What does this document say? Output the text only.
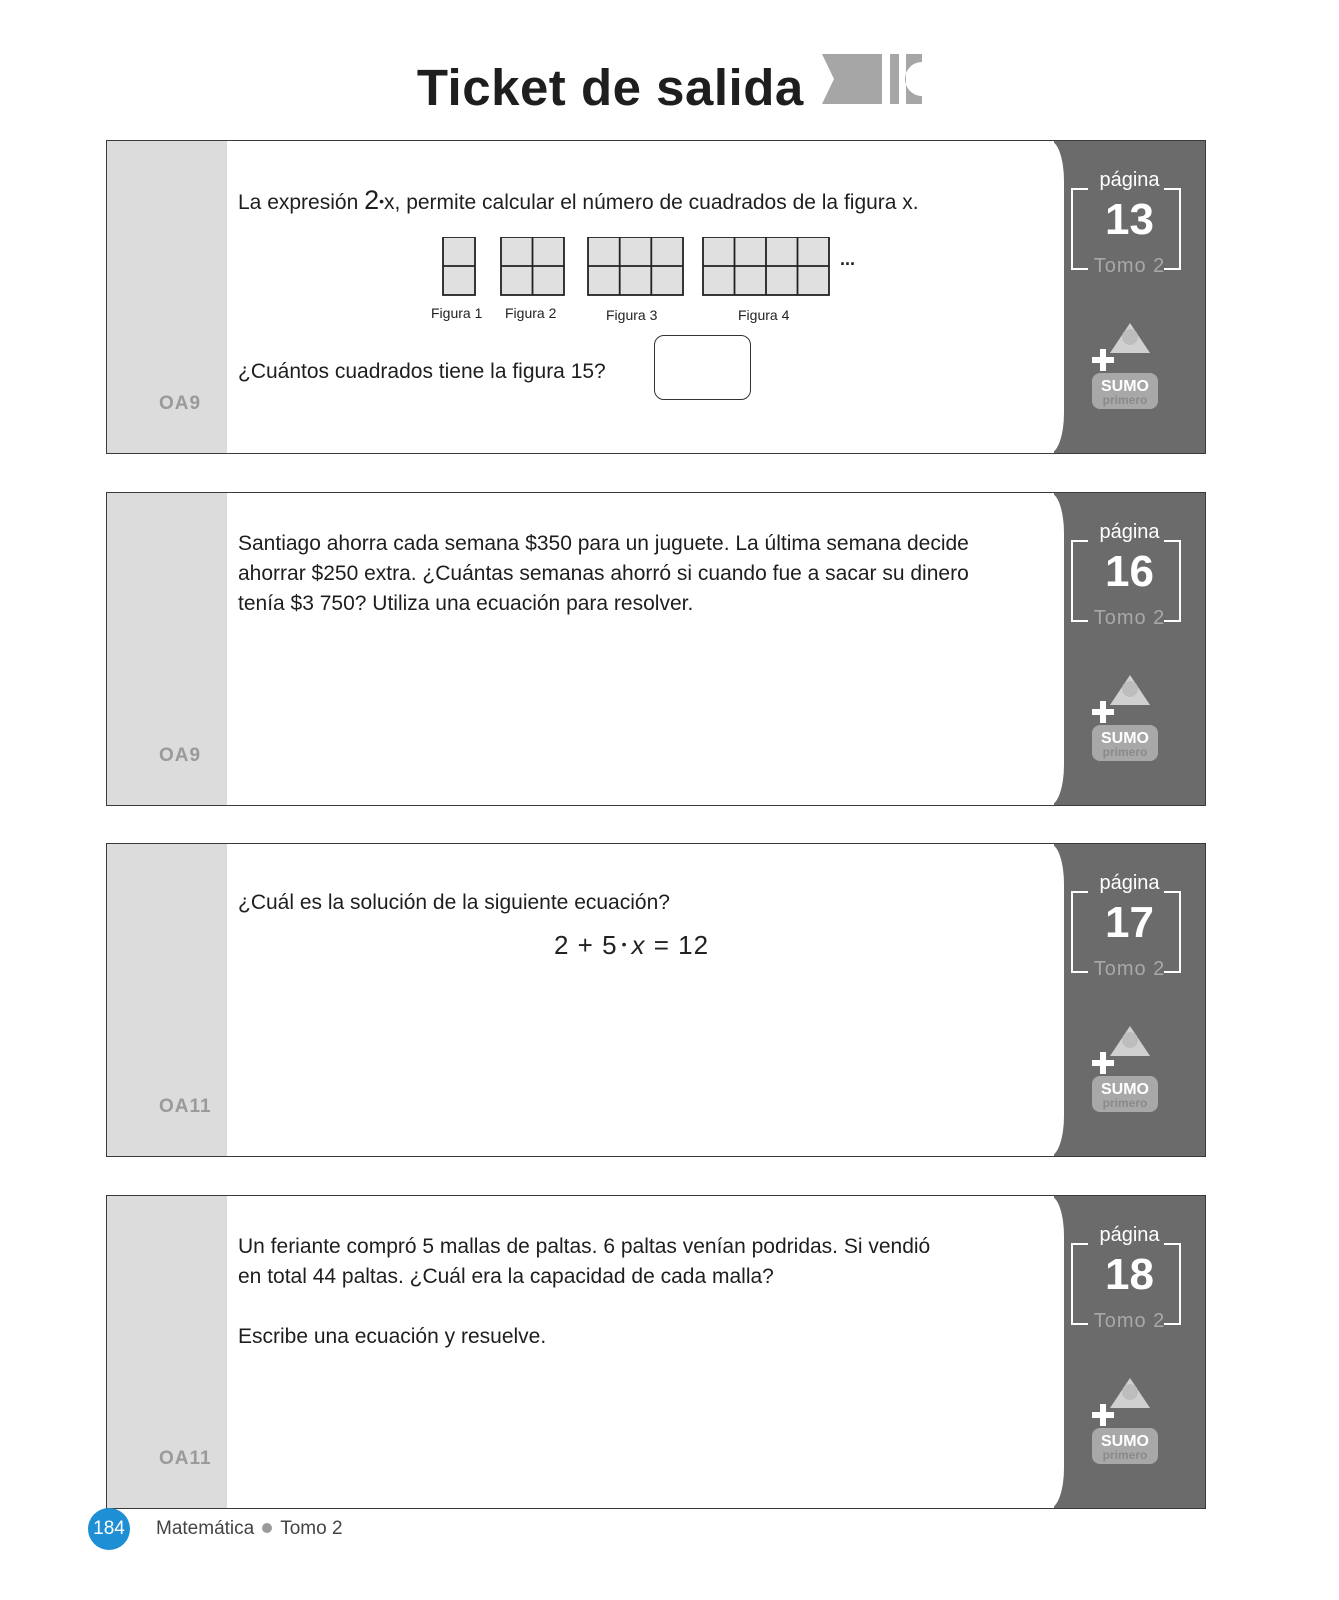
Ticket de salida
OA9
página
13
Tomo 2
SUMO
primero
La expresión 2•x, permite calcular el número de cuadrados de la figura x.
...
Figura 1 Figura 2	Figura 3	Figura 4
¿Cuántos cuadrados tiene la figura 15?
OA9
página
16
Tomo 2
SUMO
primero
Santiago ahorra cada semana $350 para un juguete. La última semana decide
ahorrar $250 extra. ¿Cuántas semanas ahorró si cuando fue a sacar su dinero
tenía $3 750? Utiliza una ecuación para resolver.
OA11
página
17
Tomo 2
SUMO
primero
¿Cuál es la solución de la siguiente ecuación?
2 + 5 • x = 12
OA11
página
18
Tomo 2
SUMO
primero
Un feriante compró 5 mallas de paltas. 6 paltas venían podridas. Si vendió
en total 44 paltas. ¿Cuál era la capacidad de cada malla?
Escribe una ecuación y resuelve.
184 Matemática Tomo 2
